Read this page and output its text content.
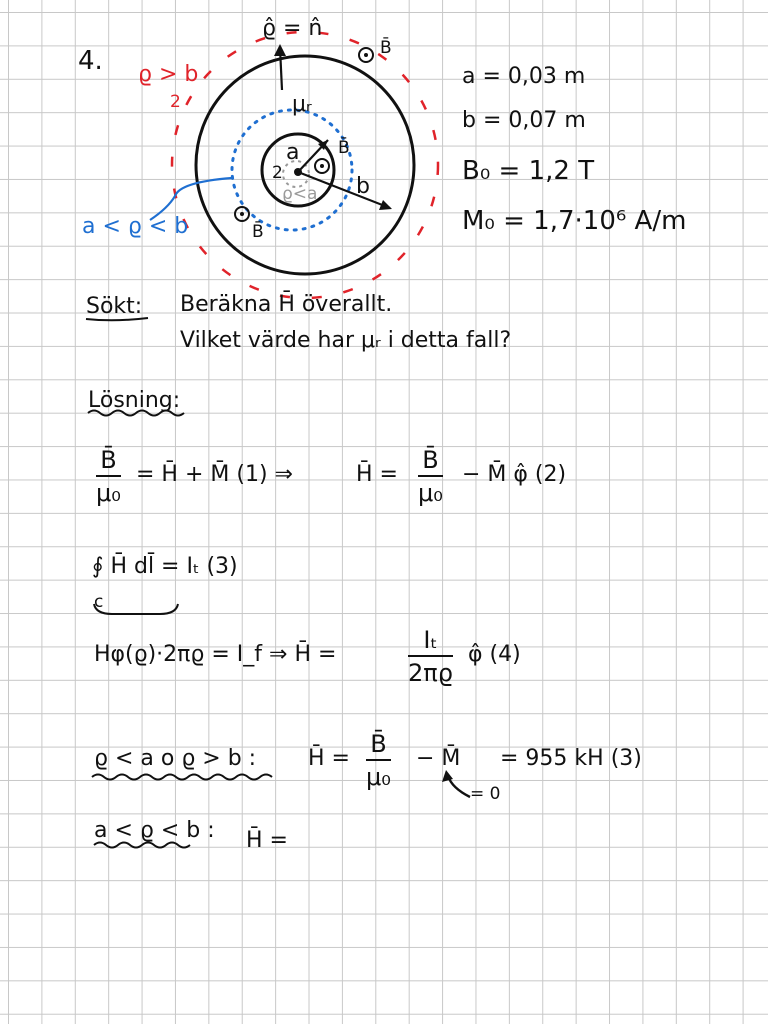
4.
ϱ̂ = n̂
B̄
ϱ > b
2	μᵣ
a B̄
2
ϱ<a b
B̄
a < ϱ < b
a = 0,03 m
b = 0,07 m
B₀ = 1,2 T
M₀ = 1,7·10⁶ A/m
Sökt: Beräkna H̄ överallt.
Vilket värde har μᵣ i detta fall?
Lösning:
$\frac{B̄}{\text{μ₀}}$ = H̄ + M̄ (1) ⇒	H̄ = $\frac{B̄}{\text{μ₀}}$ − M̄ φ̂ (2)
∮ H̄ dl̄ = Iₜ (3)
c
Hφ(ϱ)·2πϱ = I_f ⇒ H̄ =	$\frac{\text{Iₜ}}{2\pi ϱ}$ φ̂ (4)
ϱ < a o ϱ > b : H̄ = $\frac{B̄}{\text{μ₀}}$ − M̄ = 955 kH (3)
= 0
a < ϱ < b : H̄ =
